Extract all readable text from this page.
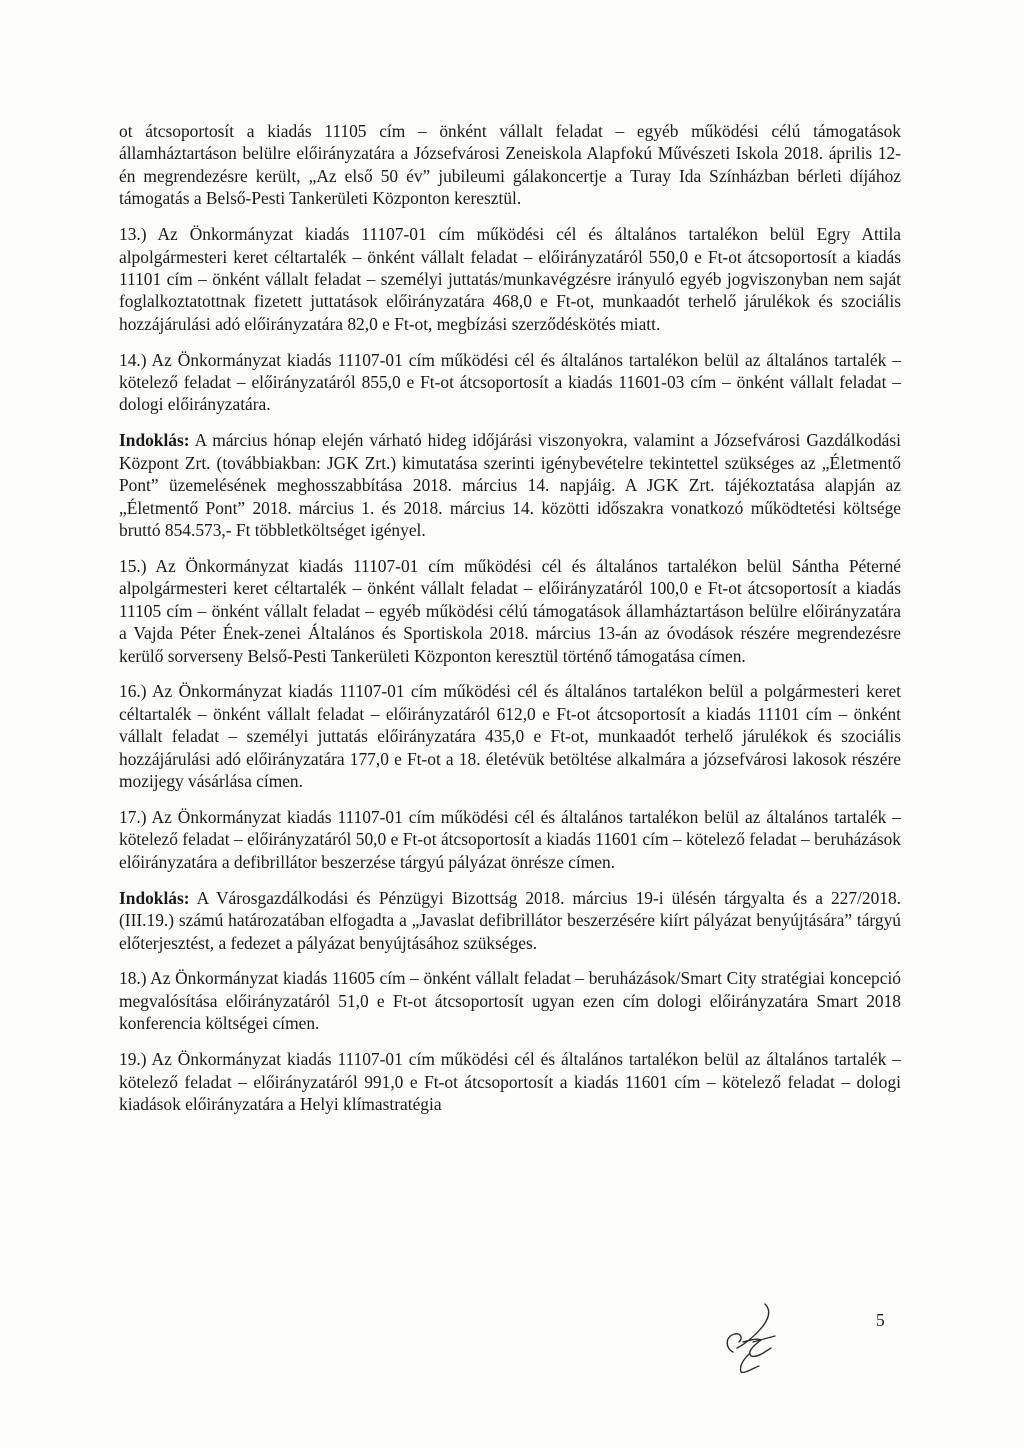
ot átcsoportosít a kiadás 11105 cím – önként vállalt feladat – egyéb működési célú támogatások államháztartáson belülre előirányzatára a Józsefvárosi Zeneiskola Alapfokú Művészeti Iskola 2018. április 12-én megrendezésre került, „Az első 50 év” jubileumi gálakoncertje a Turay Ida Színházban bérleti díjához támogatás a Belső-Pesti Tankerületi Központon keresztül.

13.) Az Önkormányzat kiadás 11107-01 cím működési cél és általános tartalékon belül Egry Attila alpolgármesteri keret céltartalék – önként vállalt feladat – előirányzatáról 550,0 e Ft-ot átcsoportosít a kiadás 11101 cím – önként vállalt feladat – személyi juttatás/munkavégzésre irányuló egyéb jogviszonyban nem saját foglalkoztatottnak fizetett juttatások előirányzatára 468,0 e Ft-ot, munkaadót terhelő járulékok és szociális hozzájárulási adó előirányzatára 82,0 e Ft-ot, megbízási szerződéskötés miatt.

14.) Az Önkormányzat kiadás 11107-01 cím működési cél és általános tartalékon belül az általános tartalék – kötelező feladat – előirányzatáról 855,0 e Ft-ot átcsoportosít a kiadás 11601-03 cím – önként vállalt feladat – dologi előirányzatára.

Indoklás: A március hónap elején várható hideg időjárási viszonyokra, valamint a Józsefvárosi Gazdálkodási Központ Zrt. (továbbiakban: JGK Zrt.) kimutatása szerinti igénybevételre tekintettel szükséges az „Életmentő Pont” üzemelésének meghosszabbítása 2018. március 14. napjáig. A JGK Zrt. tájékoztatása alapján az „Életmentő Pont” 2018. március 1. és 2018. március 14. közötti időszakra vonatkozó működtetési költsége bruttó 854.573,- Ft többletköltséget igényel.

15.) Az Önkormányzat kiadás 11107-01 cím működési cél és általános tartalékon belül Sántha Péterné alpolgármesteri keret céltartalék – önként vállalt feladat – előirányzatáról 100,0 e Ft-ot átcsoportosít a kiadás 11105 cím – önként vállalt feladat – egyéb működési célú támogatások államháztartáson belülre előirányzatára a Vajda Péter Ének-zenei Általános és Sportiskola 2018. március 13-án az óvodások részére megrendezésre kerülő sorverseny Belső-Pesti Tankerületi Központon keresztül történő támogatása címen.

16.) Az Önkormányzat kiadás 11107-01 cím működési cél és általános tartalékon belül a polgármesteri keret céltartalék – önként vállalt feladat – előirányzatáról 612,0 e Ft-ot átcsoportosít a kiadás 11101 cím – önként vállalt feladat – személyi juttatás előirányzatára 435,0 e Ft-ot, munkaadót terhelő járulékok és szociális hozzájárulási adó előirányzatára 177,0 e Ft-ot a 18. életévük betöltése alkalmára a józsefvárosi lakosok részére mozijegy vásárlása címen.

17.) Az Önkormányzat kiadás 11107-01 cím működési cél és általános tartalékon belül az általános tartalék – kötelező feladat – előirányzatáról 50,0 e Ft-ot átcsoportosít a kiadás 11601 cím – kötelező feladat – beruházások előirányzatára a defibrillátor beszerzése tárgyú pályázat önrésze címen.

Indoklás: A Városgazdálkodási és Pénzügyi Bizottság 2018. március 19-i ülésén tárgyalta és a 227/2018. (III.19.) számú határozatában elfogadta a „Javaslat defibrillátor beszerzésére kiírt pályázat benyújtására” tárgyú előterjesztést, a fedezet a pályázat benyújtásához szükséges.

18.) Az Önkormányzat kiadás 11605 cím – önként vállalt feladat – beruházások/Smart City stratégiai koncepció megvalósítása előirányzatáról 51,0 e Ft-ot átcsoportosít ugyan ezen cím dologi előirányzatára Smart 2018 konferencia költségei címen.

19.) Az Önkormányzat kiadás 11107-01 cím működési cél és általános tartalékon belül az általános tartalék – kötelező feladat – előirányzatáról 991,0 e Ft-ot átcsoportosít a kiadás 11601 cím – kötelező feladat – dologi kiadások előirányzatára a Helyi klímastratégia

5
